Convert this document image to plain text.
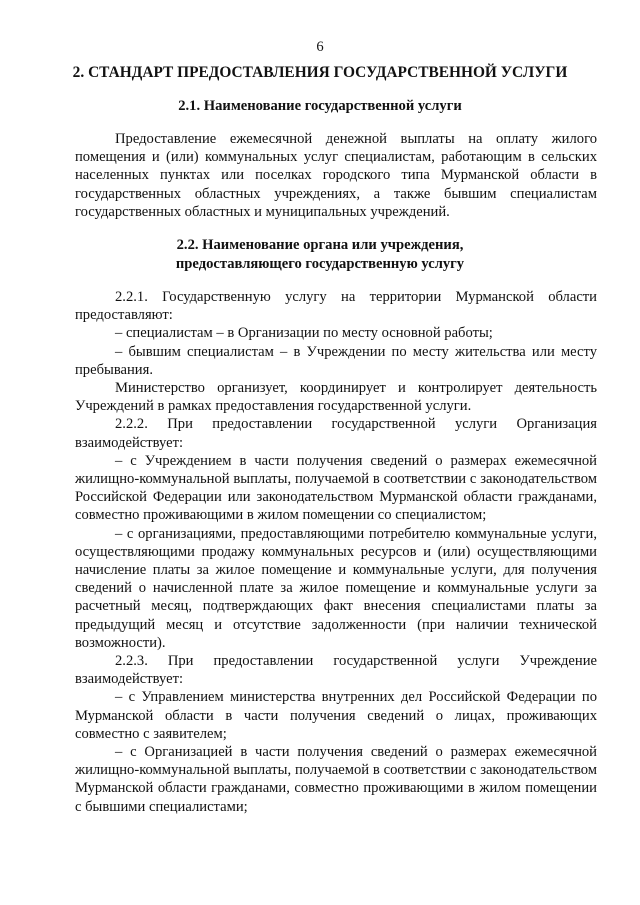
6
2. СТАНДАРТ ПРЕДОСТАВЛЕНИЯ ГОСУДАРСТВЕННОЙ УСЛУГИ
2.1. Наименование государственной услуги

Предоставление ежемесячной денежной выплаты на оплату жилого помещения и (или) коммунальных услуг специалистам, работающим в сельских населенных пунктах или поселках городского типа Мурманской области в государственных областных учреждениях, а также бывшим специалистам государственных областных и муниципальных учреждений.

2.2. Наименование органа или учреждения,
предоставляющего государственную услугу

2.2.1. Государственную услугу на территории Мурманской области предоставляют:

– специалистам – в Организации по месту основной работы;

– бывшим специалистам – в Учреждении по месту жительства или месту пребывания.

Министерство организует, координирует и контролирует деятельность Учреждений в рамках предоставления государственной услуги.

2.2.2. При предоставлении государственной услуги Организация взаимодействует:

– с Учреждением в части получения сведений о размерах ежемесячной жилищно-коммунальной выплаты, получаемой в соответствии с законодательством Российской Федерации или законодательством Мурманской области гражданами, совместно проживающими в жилом помещении со специалистом;

– с организациями, предоставляющими потребителю коммунальные услуги, осуществляющими продажу коммунальных ресурсов и (или) осуществляющими начисление платы за жилое помещение и коммунальные услуги, для получения сведений о начисленной плате за жилое помещение и коммунальные услуги за расчетный месяц, подтверждающих факт внесения специалистами платы за предыдущий месяц и отсутствие задолженности (при наличии технической возможности).

2.2.3. При предоставлении государственной услуги Учреждение взаимодействует:

– с Управлением министерства внутренних дел Российской Федерации по Мурманской области в части получения сведений о лицах, проживающих совместно с заявителем;

– с Организацией в части получения сведений о размерах ежемесячной жилищно-коммунальной выплаты, получаемой в соответствии с законодательством Мурманской области гражданами, совместно проживающими в жилом помещении с бывшими специалистами;
